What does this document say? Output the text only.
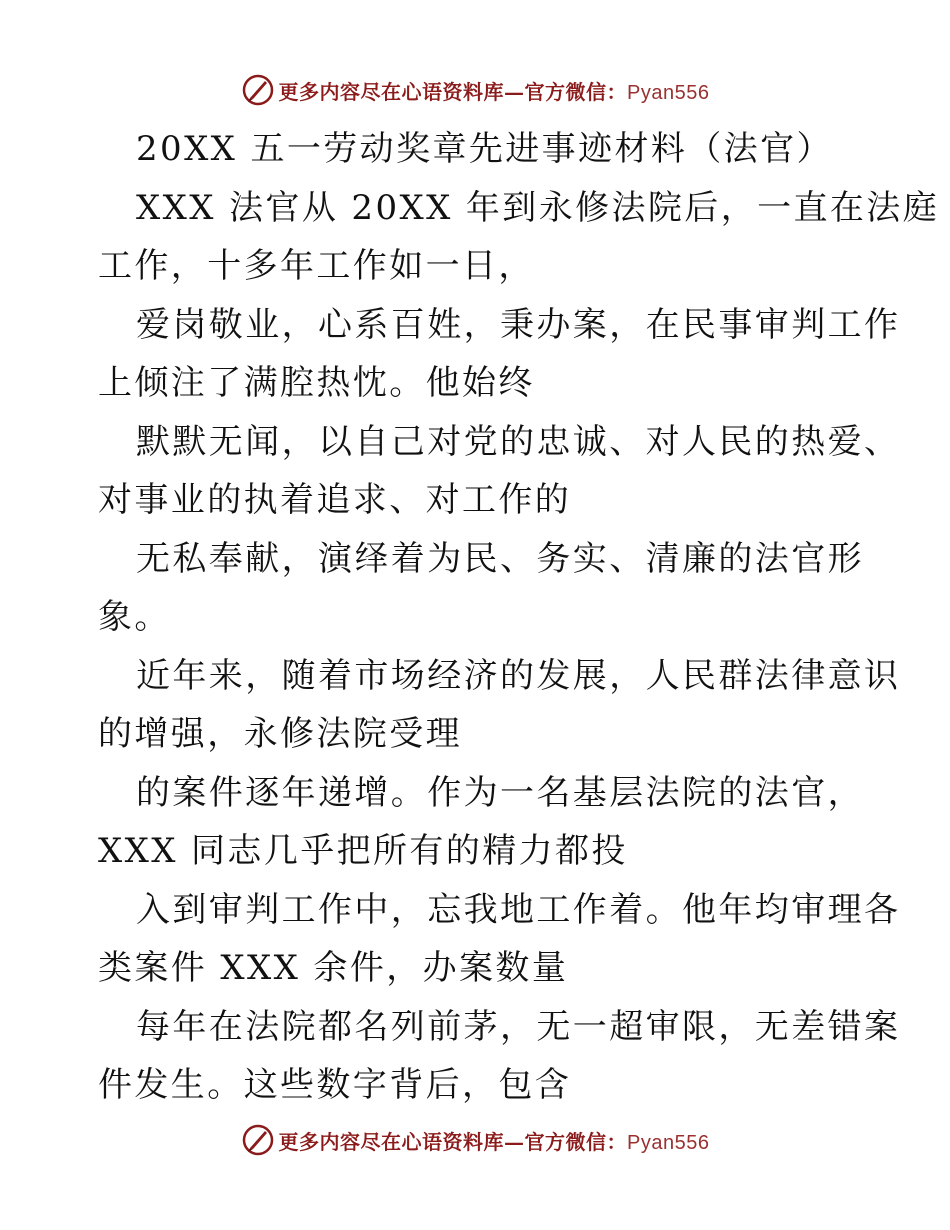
更多内容尽在心语资料库—官方微信：Pyan556

20XX 五一劳动奖章先进事迹材料（法官）

XXX 法官从 20XX 年到永修法院后，一直在法庭

工作，十多年工作如一日，

爱岗敬业，心系百姓，秉办案，在民事审判工作

上倾注了满腔热忱。他始终

默默无闻，以自己对党的忠诚、对人民的热爱、

对事业的执着追求、对工作的

无私奉献，演绎着为民、务实、清廉的法官形

象。

近年来，随着市场经济的发展，人民群法律意识

的增强，永修法院受理

的案件逐年递增。作为一名基层法院的法官，

XXX 同志几乎把所有的精力都投

入到审判工作中，忘我地工作着。他年均审理各

类案件 XXX 余件，办案数量

每年在法院都名列前茅，无一超审限，无差错案

件发生。这些数字背后，包含

更多内容尽在心语资料库—官方微信：Pyan556
